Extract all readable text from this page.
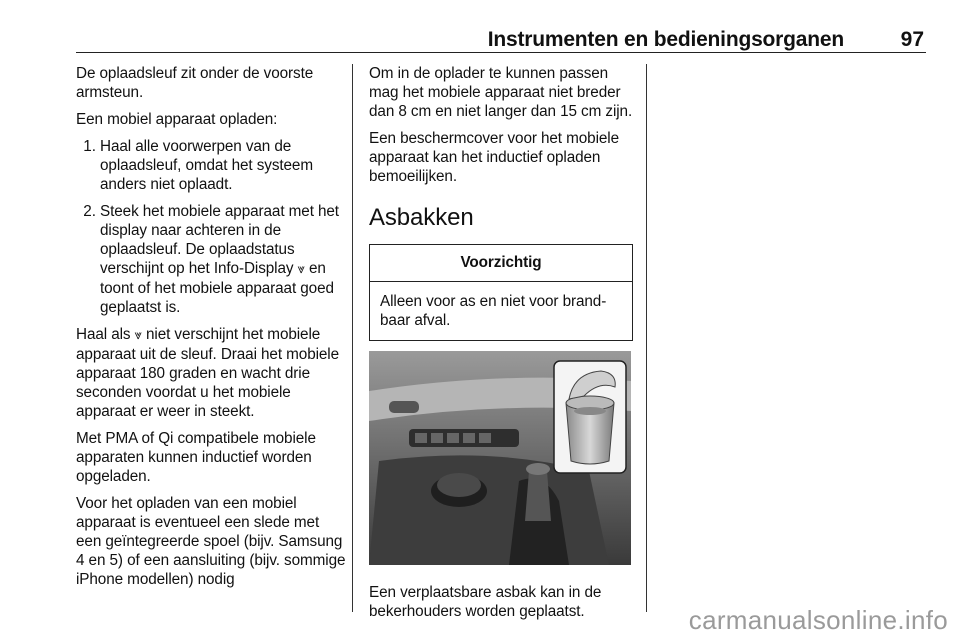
Instrumenten en bedieningsorganen	97

De oplaadsleuf zit onder de voorste armsteun.

Een mobiel apparaat opladen:

1. Haal alle voorwerpen van de oplaadsleuf, omdat het systeem anders niet oplaadt.
2. Steek het mobiele apparaat met het display naar achteren in de oplaadsleuf. De oplaadstatus verschijnt op het Info-Display ⩔ en toont of het mobiele apparaat goed geplaatst is.

Haal als ⩔ niet verschijnt het mobiele apparaat uit de sleuf. Draai het mobiele apparaat 180 graden en wacht drie seconden voordat u het mobiele apparaat er weer in steekt.

Met PMA of Qi compatibele mobiele apparaten kunnen inductief worden opgeladen.

Voor het opladen van een mobiel apparaat is eventueel een slede met een geïntegreerde spoel (bijv. Samsung 4 en 5) of een aansluiting (bijv. sommige iPhone modellen) nodig

Om in de oplader te kunnen passen mag het mobiele apparaat niet breder dan 8 cm en niet langer dan 15 cm zijn.

Een beschermcover voor het mobiele apparaat kan het inductief opladen bemoeilijken.

Asbakken
Voorzichtig
Alleen voor as en niet voor brand-baar afval.

Een verplaatsbare asbak kan in de bekerhouders worden geplaatst.	carmanualsonline.info
